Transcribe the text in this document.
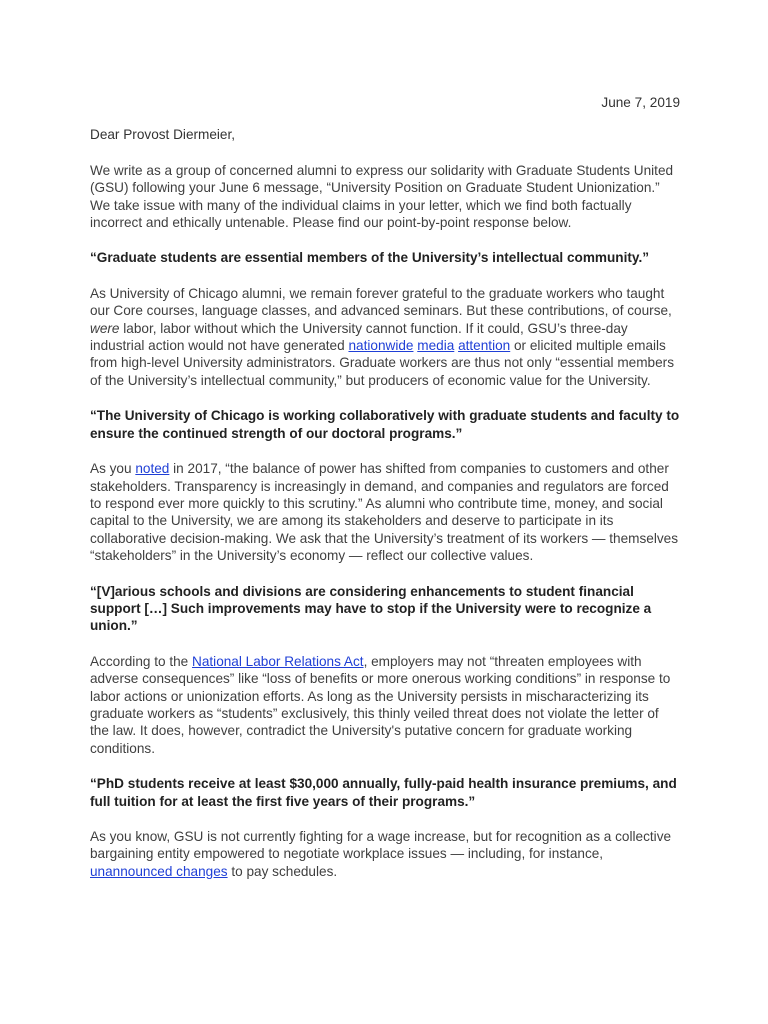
June 7, 2019
Dear Provost Diermeier,

We write as a group of concerned alumni to express our solidarity with Graduate Students United (GSU) following your June 6 message, “University Position on Graduate Student Unionization.” We take issue with many of the individual claims in your letter, which we find both factually incorrect and ethically untenable. Please find our point-by-point response below.

“Graduate students are essential members of the University’s intellectual community.”

As University of Chicago alumni, we remain forever grateful to the graduate workers who taught our Core courses, language classes, and advanced seminars. But these contributions, of course, were labor, labor without which the University cannot function. If it could, GSU’s three-day industrial action would not have generated nationwide media attention or elicited multiple emails from high-level University administrators. Graduate workers are thus not only “essential members of the University’s intellectual community,” but producers of economic value for the University.

“The University of Chicago is working collaboratively with graduate students and faculty to ensure the continued strength of our doctoral programs.”

As you noted in 2017, “the balance of power has shifted from companies to customers and other stakeholders. Transparency is increasingly in demand, and companies and regulators are forced to respond ever more quickly to this scrutiny.” As alumni who contribute time, money, and social capital to the University, we are among its stakeholders and deserve to participate in its collaborative decision-making. We ask that the University’s treatment of its workers — themselves “stakeholders” in the University’s economy — reflect our collective values.

“[V]arious schools and divisions are considering enhancements to student financial support […] Such improvements may have to stop if the University were to recognize a union.”

According to the National Labor Relations Act, employers may not “threaten employees with adverse consequences” like “loss of benefits or more onerous working conditions” in response to labor actions or unionization efforts. As long as the University persists in mischaracterizing its graduate workers as “students” exclusively, this thinly veiled threat does not violate the letter of the law. It does, however, contradict the University's putative concern for graduate working conditions.

“PhD students receive at least $30,000 annually, fully-paid health insurance premiums, and full tuition for at least the first five years of their programs.”

As you know, GSU is not currently fighting for a wage increase, but for recognition as a collective bargaining entity empowered to negotiate workplace issues — including, for instance, unannounced changes to pay schedules.
